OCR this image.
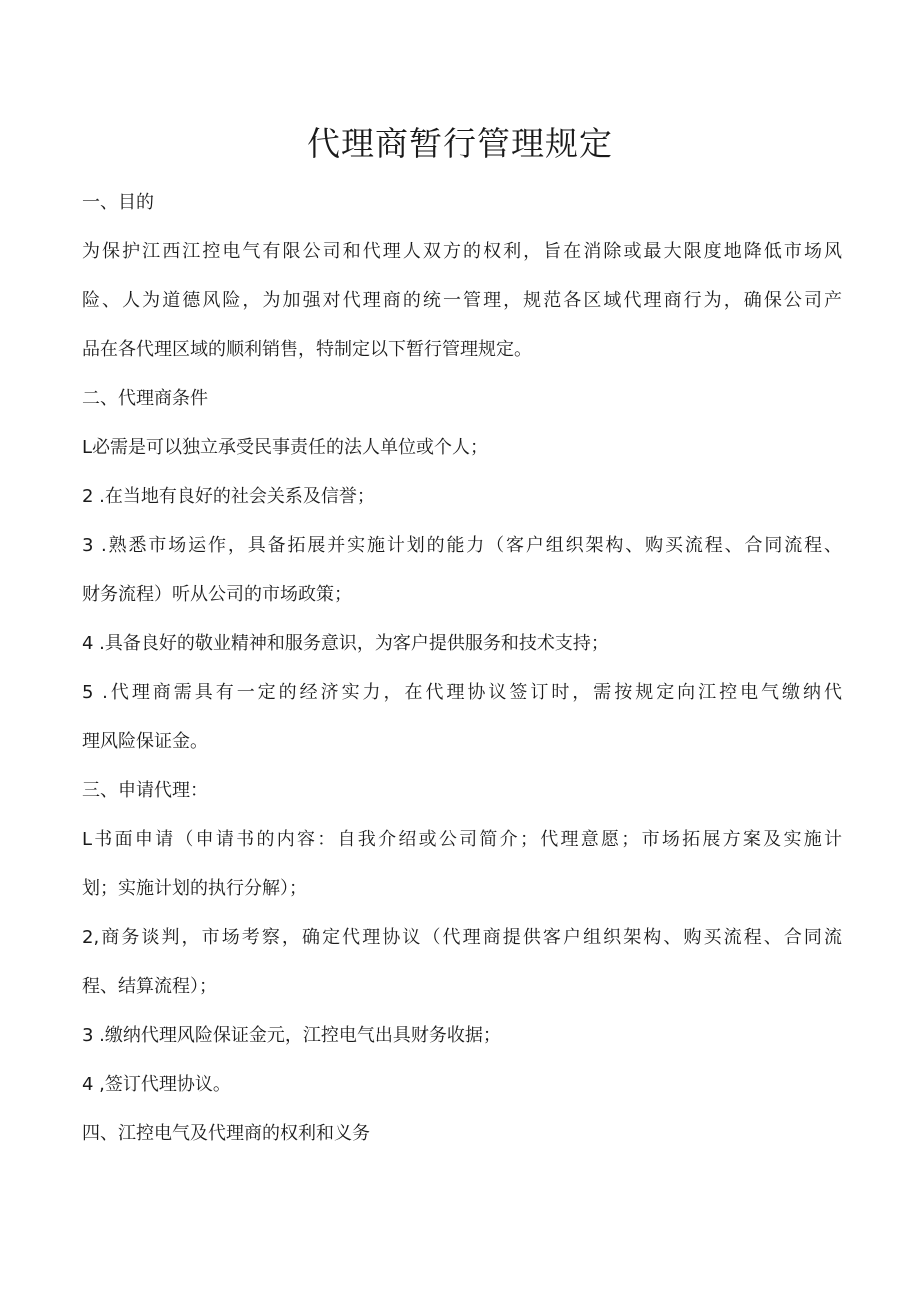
代理商暂行管理规定

一、目的

为保护江西江控电气有限公司和代理人双方的权利，旨在消除或最大限度地降低市场风

险、人为道德风险，为加强对代理商的统一管理，规范各区域代理商行为，确保公司产

品在各代理区域的顺利销售，特制定以下暂行管理规定。

二、代理商条件

L必需是可以独立承受民事责任的法人单位或个人；

2 .在当地有良好的社会关系及信誉；

3 .熟悉市场运作，具备拓展并实施计划的能力（客户组织架构、购买流程、合同流程、

财务流程）听从公司的市场政策；

4 .具备良好的敬业精神和服务意识，为客户提供服务和技术支持；

5 .代理商需具有一定的经济实力，在代理协议签订时，需按规定向江控电气缴纳代

理风险保证金。

三、申请代理：

L书面申请（申请书的内容：自我介绍或公司简介；代理意愿；市场拓展方案及实施计

划；实施计划的执行分解）；

2,商务谈判，市场考察，确定代理协议（代理商提供客户组织架构、购买流程、合同流

程、结算流程）；

3 .缴纳代理风险保证金元，江控电气出具财务收据；

4 ,签订代理协议。

四、江控电气及代理商的权利和义务
